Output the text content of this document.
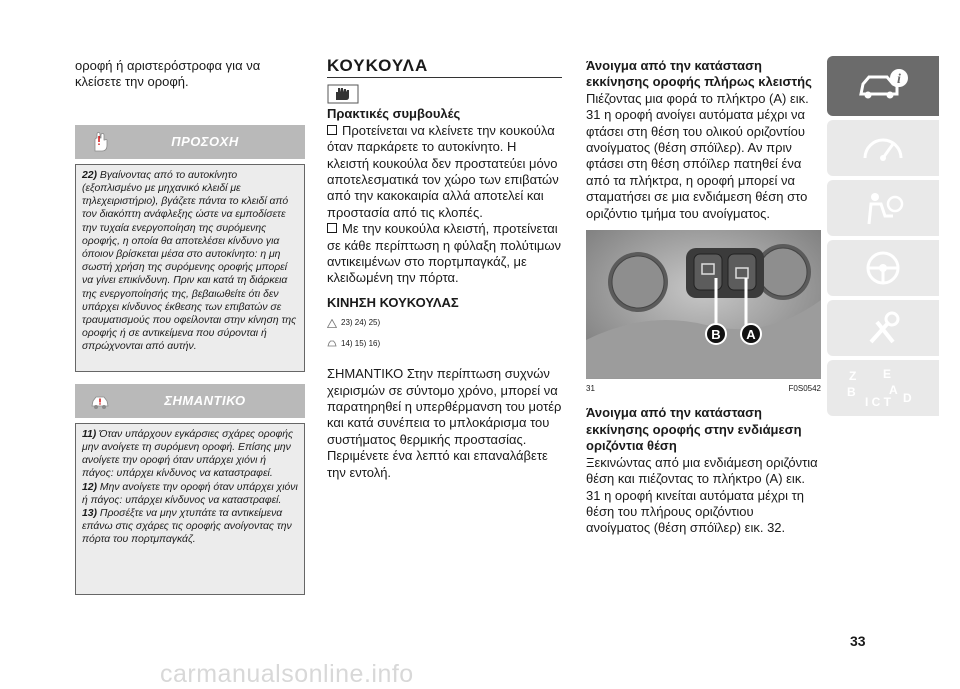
οροφή ή αριστερόστροφα για να κλείσετε την οροφή.
ΠΡΟΣΟΧΗ
22) Βγαίνοντας από το αυτοκίνητο (εξοπλισμένο με μηχανικό κλειδί με τηλεχειριστήριο), βγάζετε πάντα το κλειδί από τον διακόπτη ανάφλεξης ώστε να εμποδίσετε την τυχαία ενεργοποίηση της συρόμενης οροφής, η οποία θα αποτελέσει κίνδυνο για όποιον βρίσκεται μέσα στο αυτοκίνητο: η μη σωστή χρήση της συρόμενης οροφής μπορεί να γίνει επικίνδυνη. Πριν και κατά τη διάρκεια της ενεργοποίησής της, βεβαιωθείτε ότι δεν υπάρχει κίνδυνος έκθεσης των επιβατών σε τραυματισμούς που οφείλονται στην κίνηση της οροφής ή σε αντικείμενα που σύρονται ή σπρώχνονται από αυτήν.
ΣΗΜΑΝΤΙΚΟ
11) Όταν υπάρχουν εγκάρσιες σχάρες οροφής μην ανοίγετε τη συρόμενη οροφή. Επίσης μην ανοίγετε την οροφή όταν υπάρχει χιόνι ή πάγος: υπάρχει κίνδυνος να καταστραφεί.
12) Μην ανοίγετε την οροφή όταν υπάρχει χιόνι ή πάγος: υπάρχει κίνδυνος να καταστραφεί.
13) Προσέξτε να μην χτυπάτε τα αντικείμενα επάνω στις σχάρες τις οροφής ανοίγοντας την πόρτα του πορτμπαγκάζ.
ΚΟΥΚΟΥΛΑ
Πρακτικές συμβουλές
Προτείνεται να κλείνετε την κουκούλα όταν παρκάρετε το αυτοκίνητο. Η κλειστή κουκούλα δεν προστατεύει μόνο αποτελεσματικά τον χώρο των επιβατών από την κακοκαιρία αλλά αποτελεί και προστασία από τις κλοπές.
Με την κουκούλα κλειστή, προτείνεται σε κάθε περίπτωση η φύλαξη πολύτιμων αντικειμένων στο πορτμπαγκάζ, με κλειδωμένη την πόρτα.
ΚΙΝΗΣΗ ΚΟΥΚΟΥΛΑΣ
23) 24) 25)
14) 15) 16)
ΣΗΜΑΝΤΙΚΟ Στην περίπτωση συχνών χειρισμών σε σύντομο χρόνο, μπορεί να παρατηρηθεί η υπερθέρμανση του μοτέρ και κατά συνέπεια το μπλοκάρισμα του συστήματος θερμικής προστασίας. Περιμένετε ένα λεπτό και επαναλάβετε την εντολή.
Άνοιγμα από την κατάσταση εκκίνησης οροφής πλήρως κλειστής
Πιέζοντας μια φορά το πλήκτρο (A) εικ. 31 η οροφή ανοίγει αυτόματα μέχρι να φτάσει στη θέση του ολικού οριζοντίου ανοίγματος (θέση σπόϊλερ). Αν πριν φτάσει στη θέση σπόϊλερ πατηθεί ένα από τα πλήκτρα, η οροφή μπορεί να σταματήσει σε μια ενδιάμεση θέση στο οριζόντιο τμήμα του ανοίγματος.
B A
31	F0S0542
Άνοιγμα από την κατάσταση εκκίνησης οροφής στην ενδιάμεση οριζόντια θέση
Ξεκινώντας από μια ενδιάμεση οριζόντια θέση και πιέζοντας το πλήκτρο (A) εικ. 31 η οροφή κινείται αυτόματα μέχρι τη θέση του πλήρους οριζόντιου ανοίγματος (θέση σπόϊλερ) εικ. 32.
i
Z E
B	A
I C T D
33
carmanualsonline.info
